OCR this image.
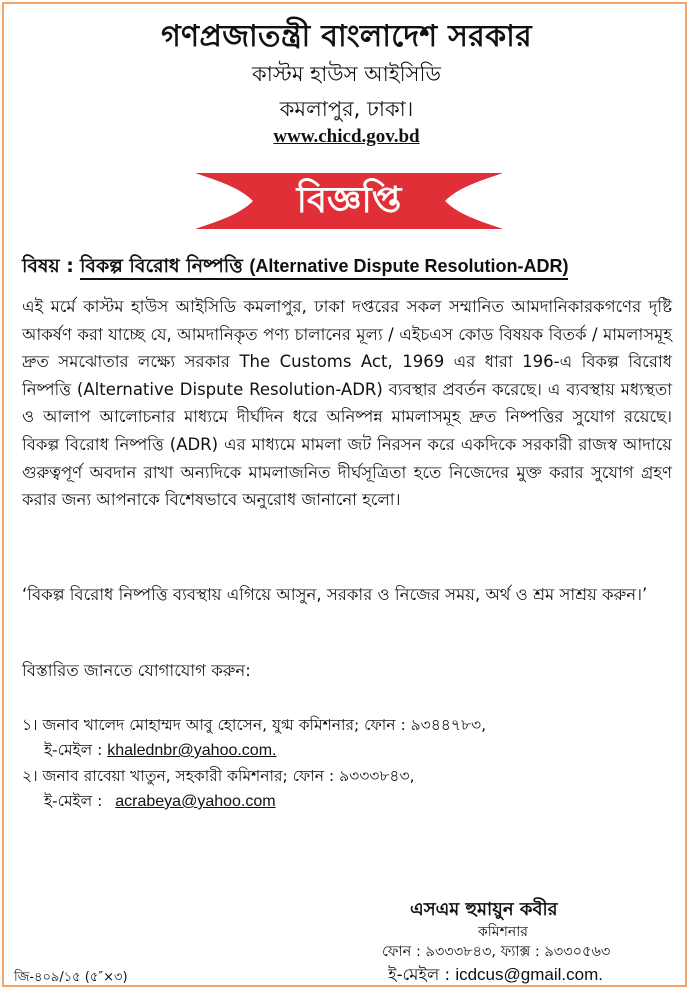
গণপ্রজাতন্ত্রী বাংলাদেশ সরকার
কাস্টম হাউস আইসিডি
কমলাপুর, ঢাকা।
www.chicd.gov.bd
বিজ্ঞপ্তি
বিষয় : বিকল্প বিরোধ নিষ্পত্তি (Alternative Dispute Resolution-ADR)
এই মর্মে কাস্টম হাউস আইসিডি কমলাপুর, ঢাকা দপ্তরের সকল সম্মানিত আমদানিকারকগণের দৃষ্টি আকর্ষণ করা যাচ্ছে যে, আমদানিকৃত পণ্য চালানের মূল্য / এইচএস কোড বিষয়ক বিতর্ক / মামলাসমূহ দ্রুত সমঝোতার লক্ষ্যে সরকার The Customs Act, 1969 এর ধারা 196-এ বিকল্প বিরোধ নিষ্পত্তি (Alternative Dispute Resolution-ADR) ব্যবস্থার প্রবর্তন করেছে। এ ব্যবস্থায় মধ্যস্থতা ও আলাপ আলোচনার মাধ্যমে দীর্ঘদিন ধরে অনিষ্পন্ন মামলাসমূহ দ্রুত নিষ্পত্তির সুযোগ রয়েছে। বিকল্প বিরোধ নিষ্পত্তি (ADR) এর মাধ্যমে মামলা জট নিরসন করে একদিকে সরকারী রাজস্ব আদায়ে গুরুত্বপূর্ণ অবদান রাখা অন্যদিকে মামলাজনিত দীর্ঘসূত্রিতা হতে নিজেদের মুক্ত করার সুযোগ গ্রহণ করার জন্য আপনাকে বিশেষভাবে অনুরোধ জানানো হলো।
‘বিকল্প বিরোধ নিষ্পত্তি ব্যবস্থায় এগিয়ে আসুন, সরকার ও নিজের সময়, অর্থ ও শ্রম সাশ্রয় করুন।’
বিস্তারিত জানতে যোগাযোগ করুন:
১। জনাব খালেদ মোহাম্মদ আবু হোসেন, যুগ্ম কমিশনার; ফোন : ৯৩৪৪৭৮৩,
ই-মেইল : khalednbr@yahoo.com.
২। জনাব রাবেয়া খাতুন, সহকারী কমিশনার; ফোন : ৯৩৩৩৮৪৩,
ই-মেইল : acrabeya@yahoo.com
এসএম হুমায়ুন কবীর
কমিশনার
ফোন : ৯৩৩৩৮৪৩, ফ্যাক্স : ৯৩৩০৫৬৩
ই-মেইল : icdcus@gmail.com.
জি-৪০৯/১৫ (৫″×৩)
